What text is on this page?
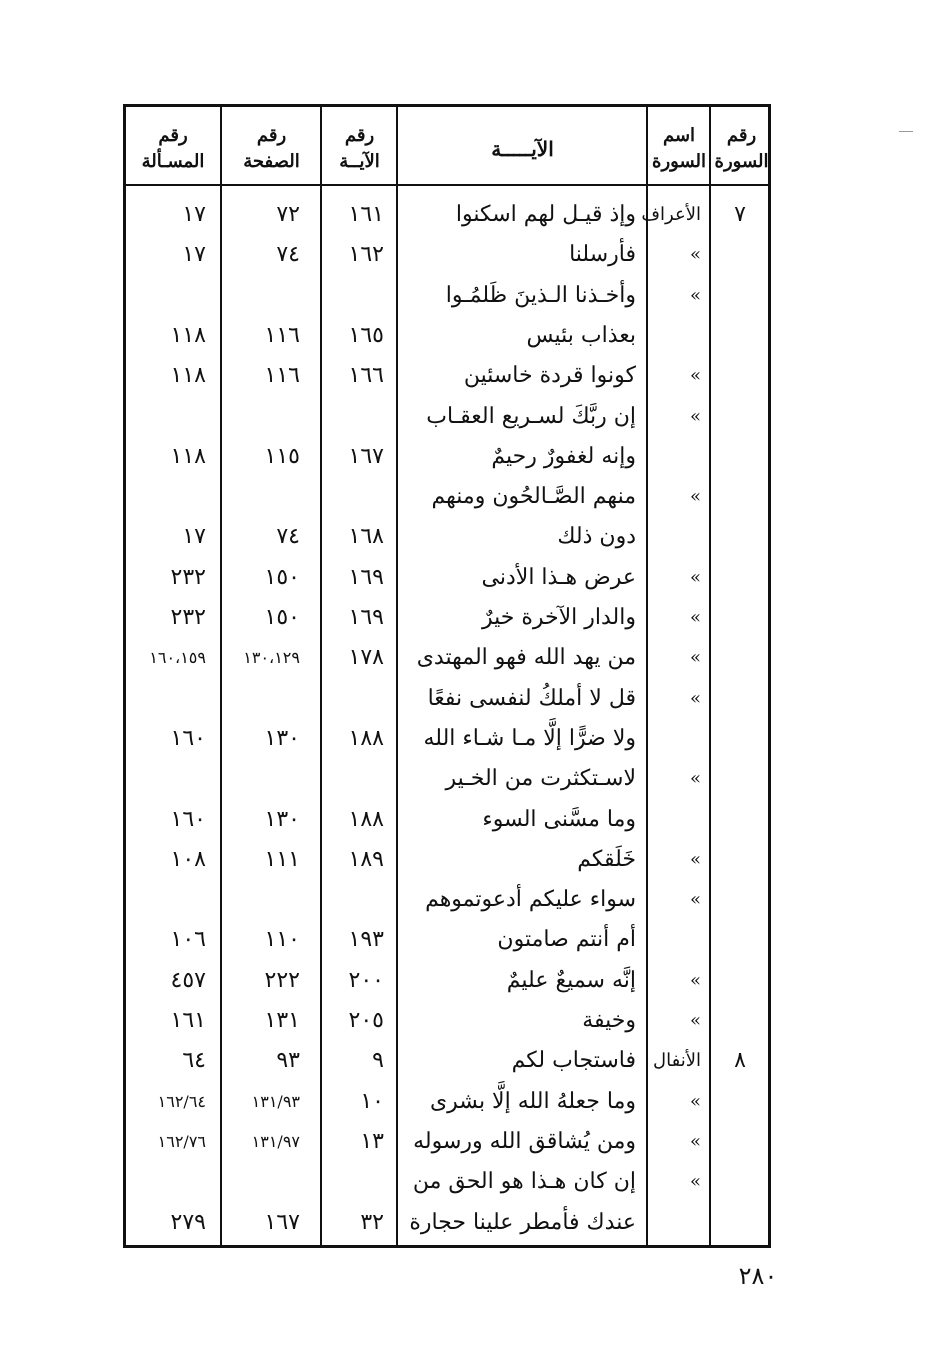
رقم
السورة
اسم
السورة
الآيـــــة
رقم
الآيــة
رقم
الصفحة
رقم
المسـألة
٧
الأعراف
وإذ قيـل لهم اسكنوا
١٦١
٧٢
١٧
»
فأرسلنا
١٦٢
٧٤
١٧
»
وأخـذنا الـذينَ ظَلمُـوا
بعذاب بئيس
١٦٥
١١٦
١١٨
»
كونوا قردة خاسئين
١٦٦
١١٦
١١٨
»
إن ربَّكَ لسـريع العقـاب
وإنه لغفورٌ رحيمٌ
١٦٧
١١٥
١١٨
»
منهم الصَّـالحُون ومنهم
دون ذلك
١٦٨
٧٤
١٧
»
عرض هـذا الأدنى
١٦٩
١٥٠
٢٣٢
»
والدار الآخرة خيرٌ
١٦٩
١٥٠
٢٣٢
»
من يهد الله فهو المهتدى
١٧٨
١٣٠،١٢٩
١٦٠،١٥٩
»
قل لا أملكُ لنفسى نفعًا
ولا ضرًّا إلَّا مـا شـاء الله
١٨٨
١٣٠
١٦٠
»
لاسـتكثرت من الخـير
وما مسَّنى السوء
١٨٨
١٣٠
١٦٠
»
خَلَقكم
١٨٩
١١١
١٠٨
»
سواء عليكم أدعوتموهم
أم أنتم صامتون
١٩٣
١١٠
١٠٦
»
إنَّه سميعٌ عليمٌ
٢٠٠
٢٢٢
٤٥٧
»
وخيفة
٢٠٥
١٣١
١٦١
٨
الأنفال
فاستجاب لكم
٩
٩٣
٦٤
»
وما جعلهُ الله إلَّا بشرى
١٠
١٣١/٩٣
١٦٢/٦٤
»
ومن يُشاقق الله ورسوله
١٣
١٣١/٩٧
١٦٢/٧٦
»
إن كان هـذا هو الحق من
عندك فأمطر علينا حجارة
٣٢
١٦٧
٢٧٩
٢٨٠
